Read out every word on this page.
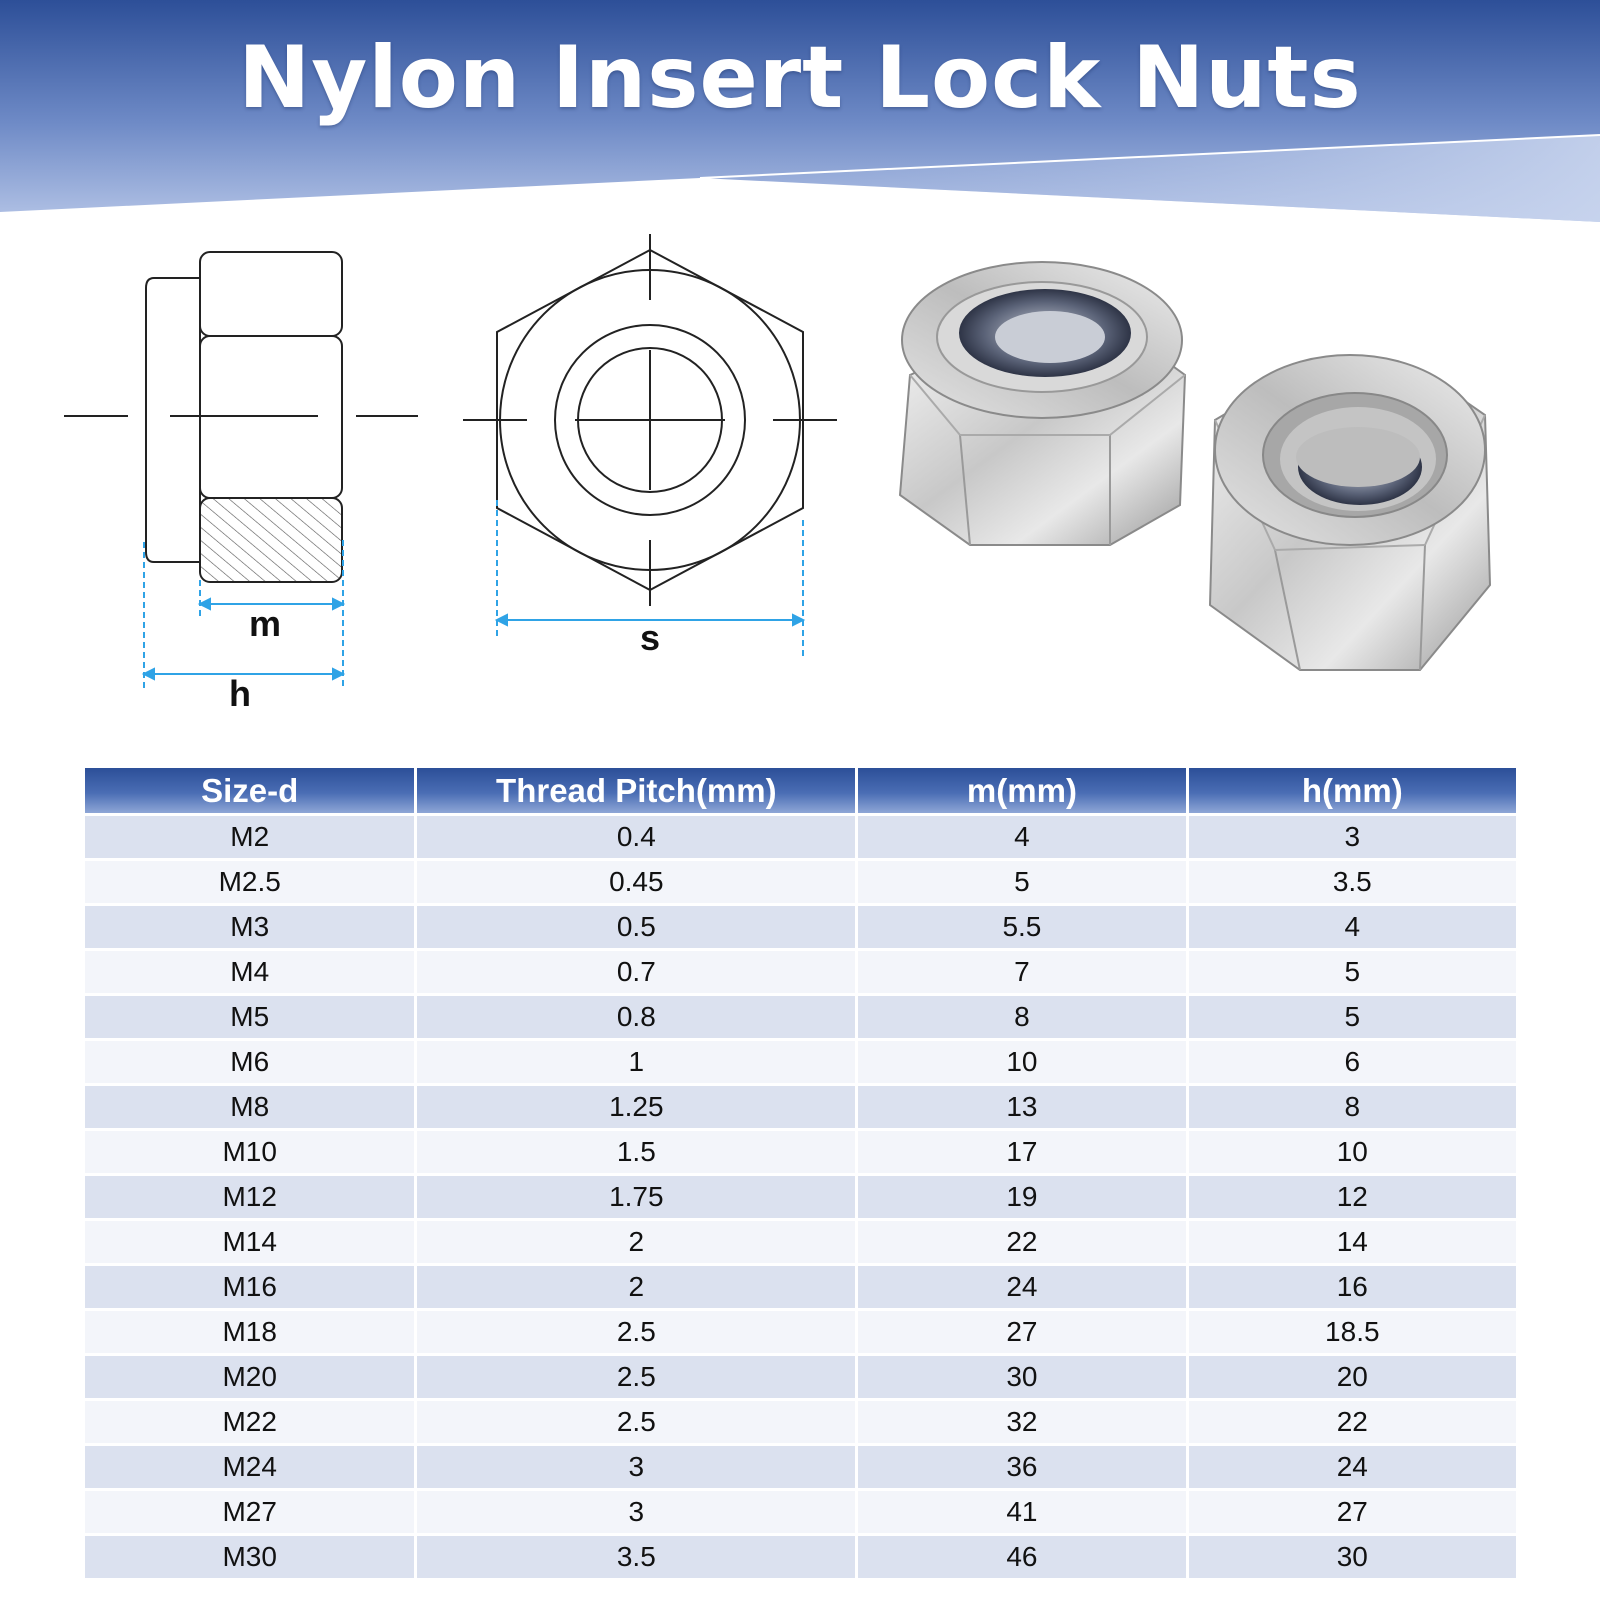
Nylon Insert Lock Nuts
m
h
s
Size-d	Thread Pitch(mm)	m(mm)	h(mm)
M2	0.4	4	3
M2.5	0.45	5	3.5
M3	0.5	5.5	4
M4	0.7	7	5
M5	0.8	8	5
M6	1	10	6
M8	1.25	13	8
M10	1.5	17	10
M12	1.75	19	12
M14	2	22	14
M16	2	24	16
M18	2.5	27	18.5
M20	2.5	30	20
M22	2.5	32	22
M24	3	36	24
M27	3	41	27
M30	3.5	46	30
